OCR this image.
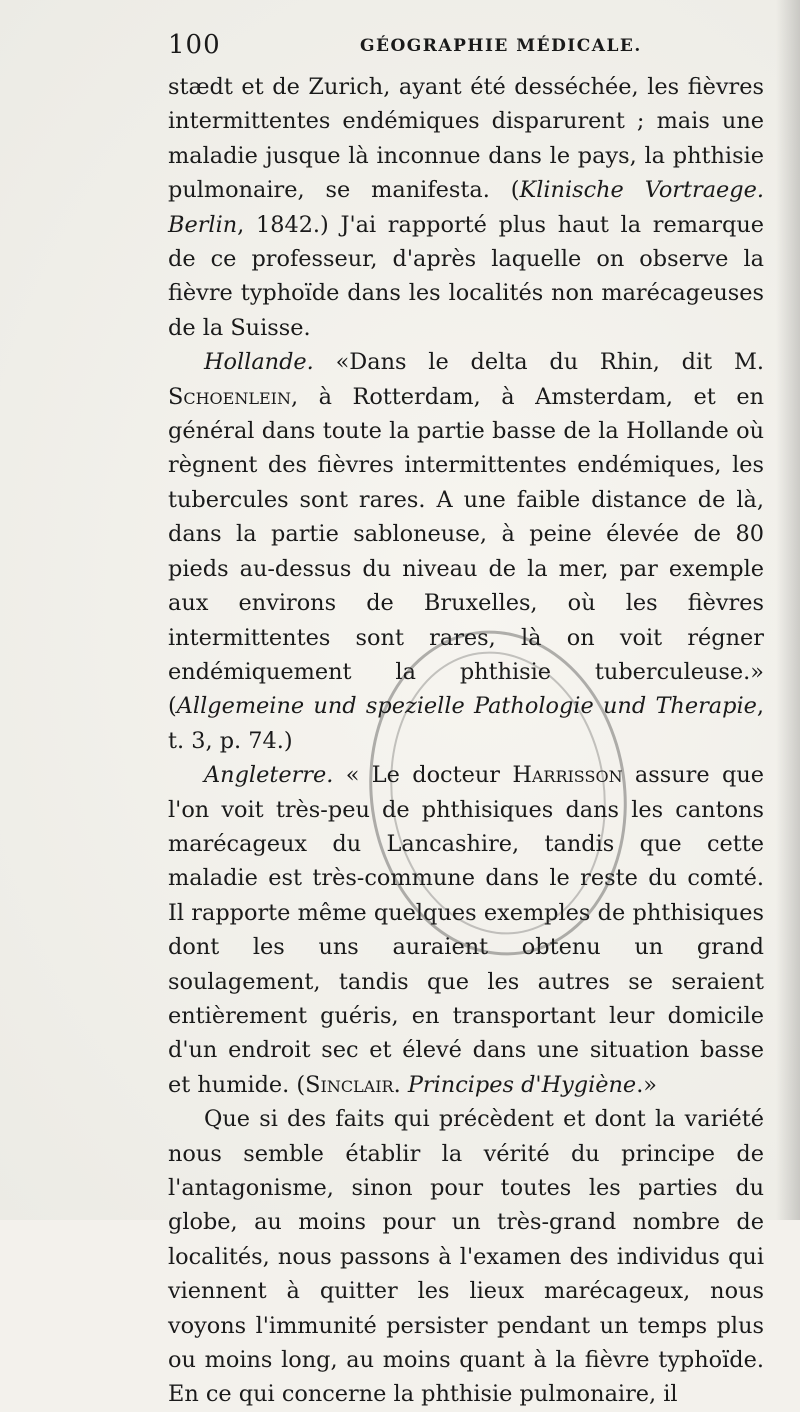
100	GÉOGRAPHIE MÉDICALE.

stædt et de Zurich, ayant été desséchée, les fièvres intermittentes endémiques disparurent ; mais une maladie jusque là inconnue dans le pays, la phthisie pulmonaire, se manifesta. (Klinische Vortraege. Berlin, 1842.) J'ai rapporté plus haut la remarque de ce professeur, d'après laquelle on observe la fièvre typhoïde dans les localités non marécageuses de la Suisse.

Hollande. «Dans le delta du Rhin, dit M. Schoenlein, à Rotterdam, à Amsterdam, et en général dans toute la partie basse de la Hollande où règnent des fièvres intermittentes endémiques, les tubercules sont rares. A une faible distance de là, dans la partie sabloneuse, à peine élevée de 80 pieds au-dessus du niveau de la mer, par exemple aux environs de Bruxelles, où les fièvres intermittentes sont rares, là on voit régner endémiquement la phthisie tuberculeuse.» (Allgemeine und spezielle Pathologie und Therapie, t. 3, p. 74.)

Angleterre. « Le docteur Harrisson assure que l'on voit très-peu de phthisiques dans les cantons marécageux du Lancashire, tandis que cette maladie est très-commune dans le reste du comté. Il rapporte même quelques exemples de phthisiques dont les uns auraient obtenu un grand soulagement, tandis que les autres se seraient entièrement guéris, en transportant leur domicile d'un endroit sec et élevé dans une situation basse et humide. (Sinclair. Principes d'Hygiène.»

Que si des faits qui précèdent et dont la variété nous semble établir la vérité du principe de l'antagonisme, sinon pour toutes les parties du globe, au moins pour un très-grand nombre de localités, nous passons à l'examen des individus qui viennent à quitter les lieux marécageux, nous voyons l'immunité persister pendant un temps plus ou moins long, au moins quant à la fièvre typhoïde. En ce qui concerne la phthisie pulmonaire, il
